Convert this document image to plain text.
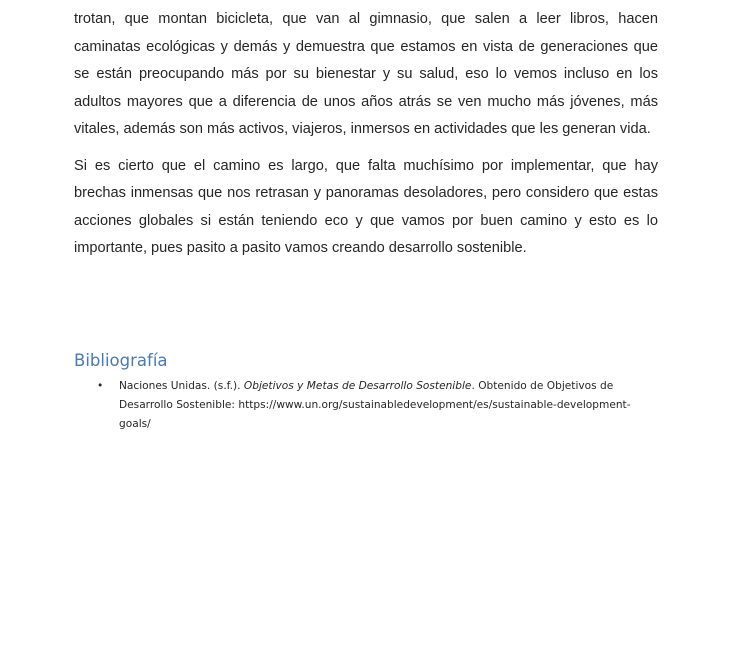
trotan, que montan bicicleta, que van al gimnasio, que salen a leer libros, hacen caminatas ecológicas y demás y demuestra que estamos en vista de generaciones que se están preocupando más por su bienestar y su salud, eso lo vemos incluso en los adultos mayores que a diferencia de unos años atrás se ven mucho más jóvenes, más vitales, además son más activos, viajeros, inmersos en actividades que les generan vida.

Si es cierto que el camino es largo, que falta muchísimo por implementar, que hay brechas inmensas que nos retrasan y panoramas desoladores, pero considero que estas acciones globales si están teniendo eco y que vamos por buen camino y esto es lo importante, pues pasito a pasito vamos creando desarrollo sostenible.

Bibliografía
• Naciones Unidas. (s.f.). Objetivos y Metas de Desarrollo Sostenible. Obtenido de Objetivos de Desarrollo Sostenible: https://www.un.org/sustainabledevelopment/es/sustainable-development-goals/
